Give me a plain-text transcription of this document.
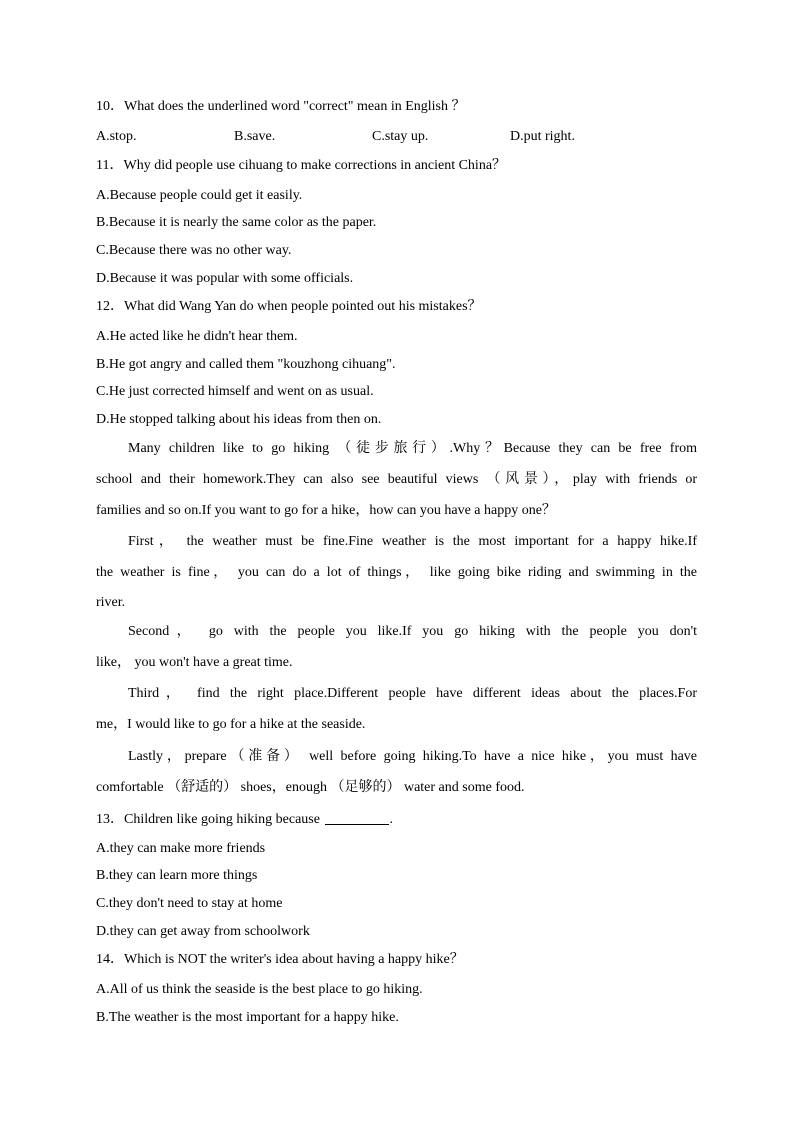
10．What does the underlined word "correct" mean in English ？
A.stop.	B.save.	C.stay up.	D.put right.
11．Why did people use cihuang to make corrections in ancient China？
A.Because people could get it easily.
B.Because it is nearly the same color as the paper.
C.Because there was no other way.
D.Because it was popular with some officials.
12．What did Wang Yan do when people pointed out his mistakes？
A.He acted like he didn't hear them.
B.He got angry and called them "kouzhong cihuang".
C.He just corrected himself and went on as usual.
D.He stopped talking about his ideas from then on.
Many children like to go hiking （徒步旅行）.Why？Because they can be free from
school and their homework.They can also see beautiful views （风景），play with friends or
families and so on.If you want to go for a hike，how can you have a happy one？
First， the weather must be fine.Fine weather is the most important for a happy hike.If
the weather is fine， you can do a lot of things， like going bike riding and swimming in the
river.
Second， go with the people you like.If you go hiking with the people you don't
like， you won't have a great time.
Third， find the right place.Different people have different ideas about the places.For
me，I would like to go for a hike at the seaside.
Lastly，prepare（准备） well before going hiking.To have a nice hike，you must have
comfortable （舒适的） shoes，enough （足够的） water and some food.
13．Children like going hiking because	.
A.they can make more friends
B.they can learn more things
C.they don't need to stay at home
D.they can get away from schoolwork
14．Which is NOT the writer's idea about having a happy hike？
A.All of us think the seaside is the best place to go hiking.
B.The weather is the most important for a happy hike.
